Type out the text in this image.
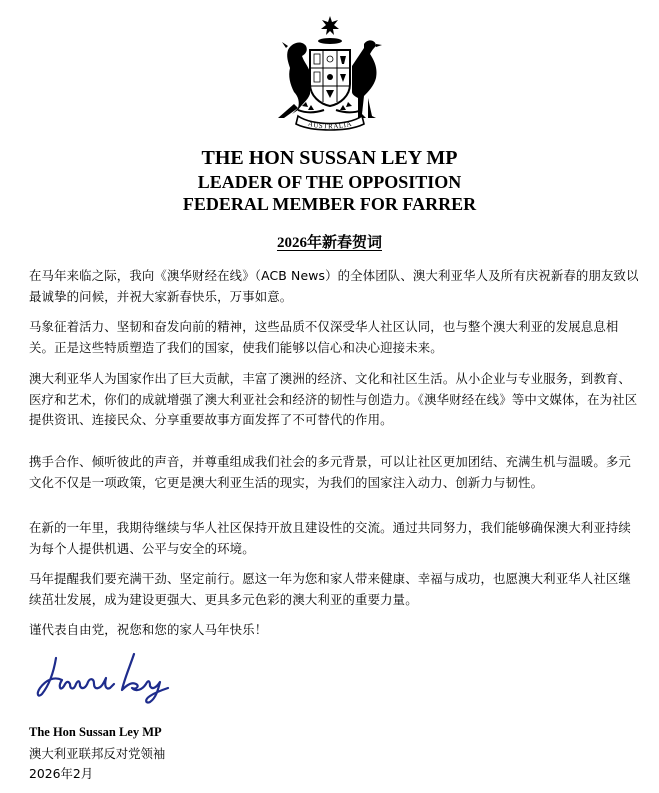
AUSTRALIA
THE HON SUSSAN LEY MP
LEADER OF THE OPPOSITION
FEDERAL MEMBER FOR FARRER
2026年新春贺词

在马年来临之际，我向《澳华财经在线》（ACB News）的全体团队、澳大利亚华人及所有庆祝新春的朋友致以最诚挚的问候，并祝大家新春快乐，万事如意。

马象征着活力、坚韧和奋发向前的精神，这些品质不仅深受华人社区认同，也与整个澳大利亚的发展息息相关。正是这些特质塑造了我们的国家，使我们能够以信心和决心迎接未来。

澳大利亚华人为国家作出了巨大贡献，丰富了澳洲的经济、文化和社区生活。从小企业与专业服务，到教育、医疗和艺术，你们的成就增强了澳大利亚社会和经济的韧性与创造力。《澳华财经在线》等中文媒体，在为社区提供资讯、连接民众、分享重要故事方面发挥了不可替代的作用。

携手合作、倾听彼此的声音，并尊重组成我们社会的多元背景，可以让社区更加团结、充满生机与温暖。多元文化不仅是一项政策，它更是澳大利亚生活的现实，为我们的国家注入动力、创新力与韧性。

在新的一年里，我期待继续与华人社区保持开放且建设性的交流。通过共同努力，我们能够确保澳大利亚持续为每个人提供机遇、公平与安全的环境。

马年提醒我们要充满干劲、坚定前行。愿这一年为您和家人带来健康、幸福与成功，也愿澳大利亚华人社区继续茁壮发展，成为建设更强大、更具多元色彩的澳大利亚的重要力量。

谨代表自由党，祝您和您的家人马年快乐！

The Hon Sussan Ley MP
澳大利亚联邦反对党领袖
2026年2月
